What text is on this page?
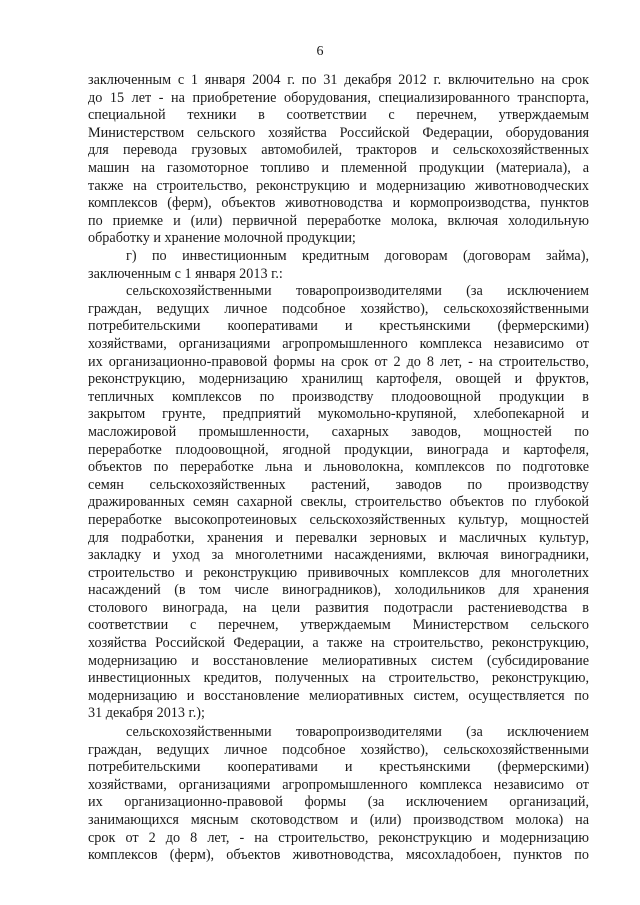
6
заключенным с 1 января 2004 г. по 31 декабря 2012 г. включительно на срок
до 15 лет - на приобретение оборудования, специализированного транспорта,
специальной техники в соответствии с перечнем, утверждаемым
Министерством сельского хозяйства Российской Федерации, оборудования
для перевода грузовых автомобилей, тракторов и сельскохозяйственных
машин на газомоторное топливо и племенной продукции (материала), а
также на строительство, реконструкцию и модернизацию животноводческих
комплексов (ферм), объектов животноводства и кормопроизводства, пунктов
по приемке и (или) первичной переработке молока, включая холодильную
обработку и хранение молочной продукции;
г) по инвестиционным кредитным договорам (договорам займа),
заключенным с 1 января 2013 г.:
сельскохозяйственными товаропроизводителями (за исключением
граждан, ведущих личное подсобное хозяйство), сельскохозяйственными
потребительскими кооперативами и крестьянскими (фермерскими)
хозяйствами, организациями агропромышленного комплекса независимо от
их организационно-правовой формы на срок от 2 до 8 лет, - на строительство,
реконструкцию, модернизацию хранилищ картофеля, овощей и фруктов,
тепличных комплексов по производству плодоовощной продукции в
закрытом грунте, предприятий мукомольно-крупяной, хлебопекарной и
масложировой промышленности, сахарных заводов, мощностей по
переработке плодоовощной, ягодной продукции, винограда и картофеля,
объектов по переработке льна и льноволокна, комплексов по подготовке
семян сельскохозяйственных растений, заводов по производству
дражированных семян сахарной свеклы, строительство объектов по глубокой
переработке высокопротеиновых сельскохозяйственных культур, мощностей
для подработки, хранения и перевалки зерновых и масличных культур,
закладку и уход за многолетними насаждениями, включая виноградники,
строительство и реконструкцию прививочных комплексов для многолетних
насаждений (в том числе виноградников), холодильников для хранения
столового винограда, на цели развития подотрасли растениеводства в
соответствии с перечнем, утверждаемым Министерством сельского
хозяйства Российской Федерации, а также на строительство, реконструкцию,
модернизацию и восстановление мелиоративных систем (субсидирование
инвестиционных кредитов, полученных на строительство, реконструкцию,
модернизацию и восстановление мелиоративных систем, осуществляется по
31 декабря 2013 г.);
сельскохозяйственными товаропроизводителями (за исключением
граждан, ведущих личное подсобное хозяйство), сельскохозяйственными
потребительскими кооперативами и крестьянскими (фермерскими)
хозяйствами, организациями агропромышленного комплекса независимо от
их организационно-правовой формы (за исключением организаций,
занимающихся мясным скотоводством и (или) производством молока) на
срок от 2 до 8 лет, - на строительство, реконструкцию и модернизацию
комплексов (ферм), объектов животноводства, мясохладобоен, пунктов по
